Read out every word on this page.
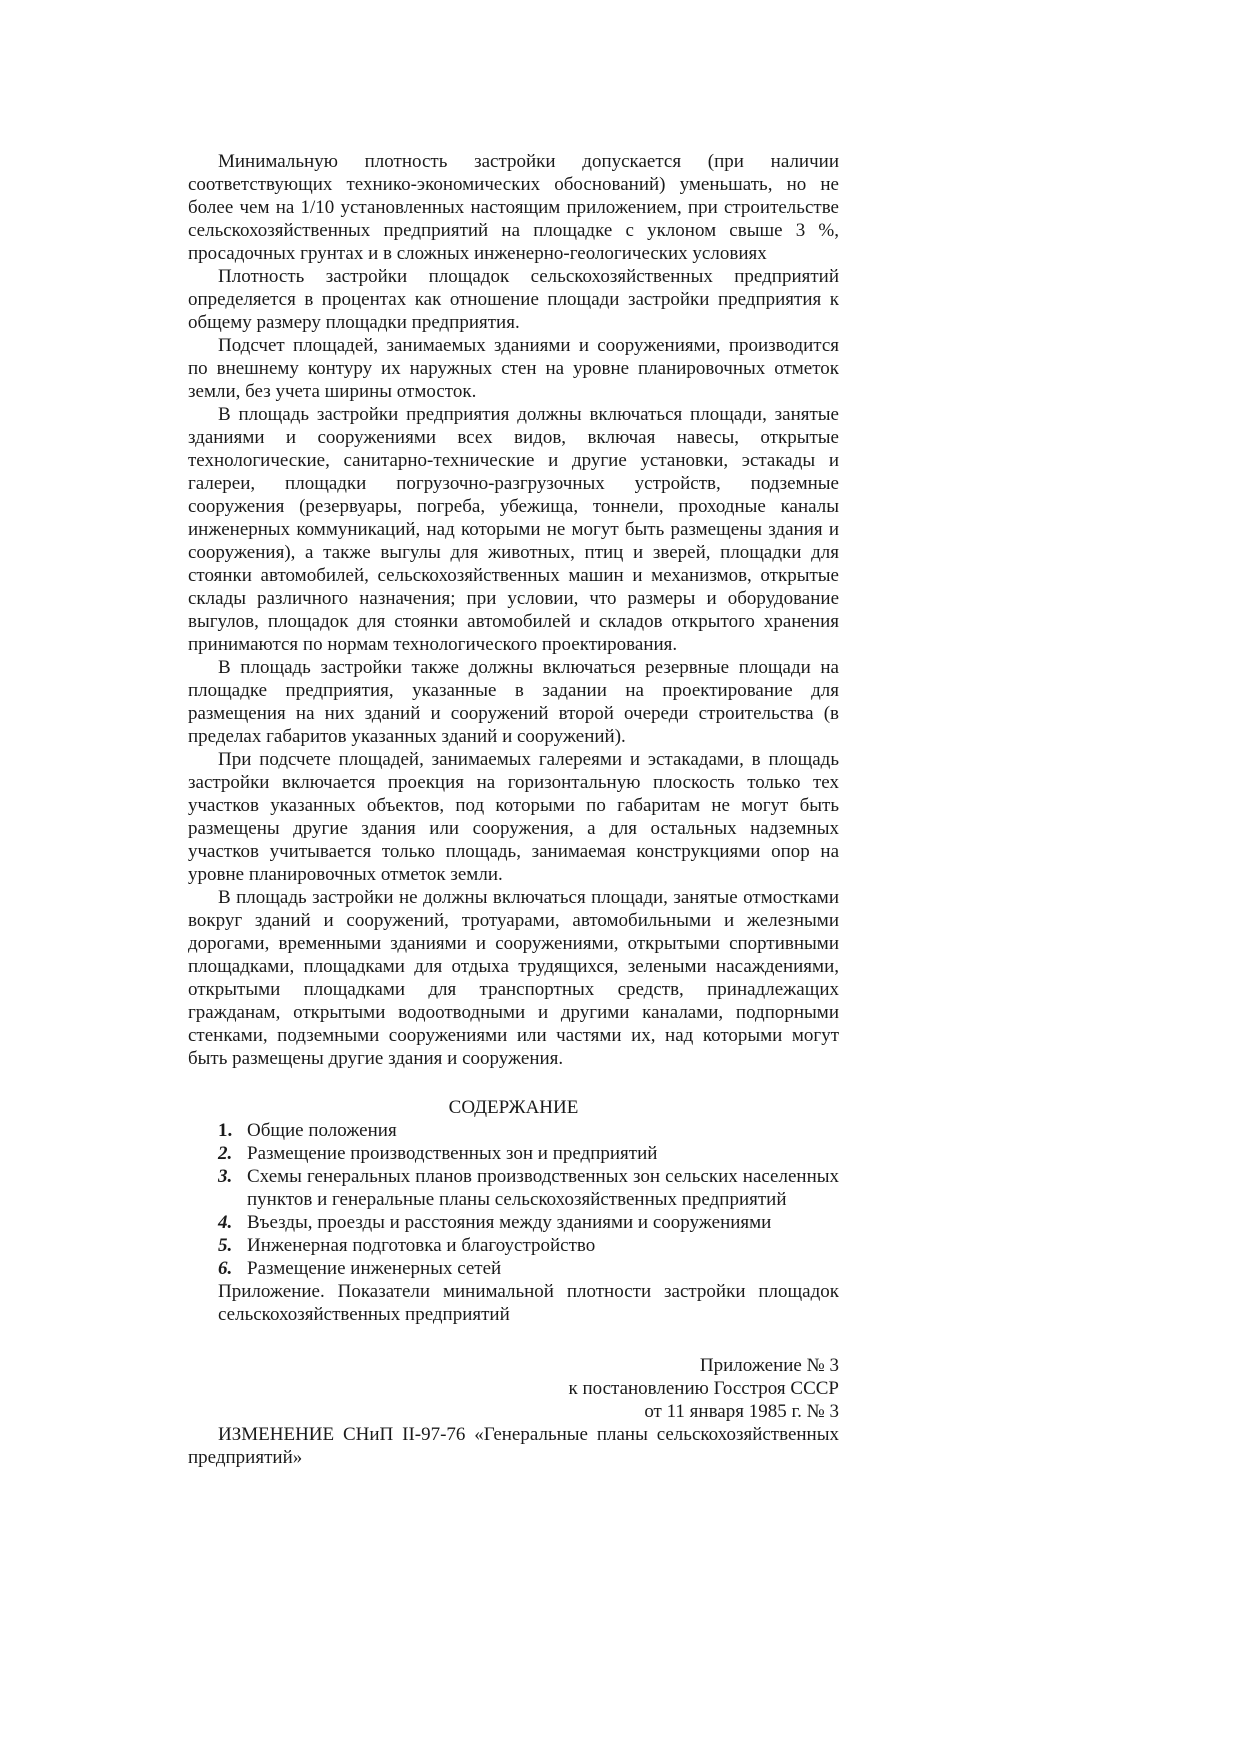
Минимальную плотность застройки допускается (при наличии соответствующих технико-экономических обоснований) уменьшать, но не более чем на 1/10 установленных настоящим приложением, при строительстве сельскохозяйственных предприятий на площадке с уклоном свыше 3 %, просадочных грунтах и в сложных инженерно-геологических условиях

Плотность застройки площадок сельскохозяйственных предприятий определяется в процентах как отношение площади застройки предприятия к общему размеру площадки предприятия.

Подсчет площадей, занимаемых зданиями и сооружениями, производится по внешнему контуру их наружных стен на уровне планировочных отметок земли, без учета ширины отмосток.

В площадь застройки предприятия должны включаться площади, занятые зданиями и сооружениями всех видов, включая навесы, открытые технологические, санитарно-технические и другие установки, эстакады и галереи, площадки погрузочно-разгрузочных устройств, подземные сооружения (резервуары, погреба, убежища, тоннели, проходные каналы инженерных коммуникаций, над которыми не могут быть размещены здания и сооружения), а также выгулы для животных, птиц и зверей, площадки для стоянки автомобилей, сельскохозяйственных машин и механизмов, открытые склады различного назначения; при условии, что размеры и оборудование выгулов, площадок для стоянки автомобилей и складов открытого хранения принимаются по нормам технологического проектирования.

В площадь застройки также должны включаться резервные площади на площадке предприятия, указанные в задании на проектирование для размещения на них зданий и сооружений второй очереди строительства (в пределах габаритов указанных зданий и сооружений).

При подсчете площадей, занимаемых галереями и эстакадами, в площадь застройки включается проекция на горизонтальную плоскость только тех участков указанных объектов, под которыми по габаритам не могут быть размещены другие здания или сооружения, а для остальных надземных участков учитывается только площадь, занимаемая конструкциями опор на уровне планировочных отметок земли.

В площадь застройки не должны включаться площади, занятые отмостками вокруг зданий и сооружений, тротуарами, автомобильными и железными дорогами, временными зданиями и сооружениями, открытыми спортивными площадками, площадками для отдыха трудящихся, зелеными насаждениями, открытыми площадками для транспортных средств, принадлежащих гражданам, открытыми водоотводными и другими каналами, подпорными стенками, подземными сооружениями или частями их, над которыми могут быть размещены другие здания и сооружения.

СОДЕРЖАНИЕ
1. Общие положения
2. Размещение производственных зон и предприятий
3. Схемы генеральных планов производственных зон сельских населенных пунктов и генеральные планы сельскохозяйственных предприятий
4. Въезды, проезды и расстояния между зданиями и сооружениями
5. Инженерная подготовка и благоустройство
6. Размещение инженерных сетей

Приложение. Показатели минимальной плотности застройки площадок сельскохозяйственных предприятий

Приложение № 3
к постановлению Госстроя СССР
от 11 января 1985 г. № 3

ИЗМЕНЕНИЕ СНиП II-97-76 «Генеральные планы сельскохозяйственных предприятий»
